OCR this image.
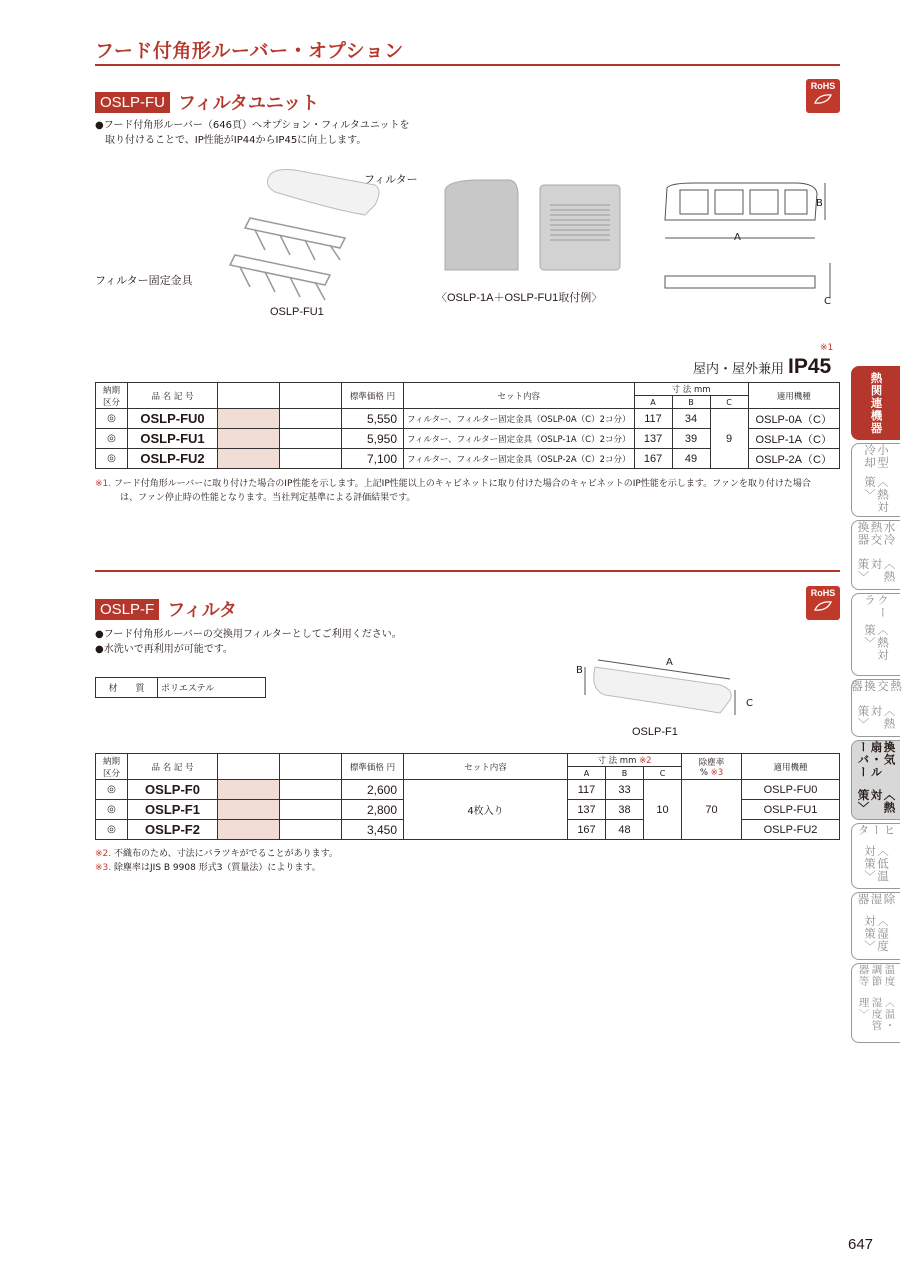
フード付角形ルーバー・オプション
OSLP-FU フィルタユニット
RoHS
●フード付角形ルーバー（646頁）へオプション・フィルタユニットを
取り付けることで、IP性能がIP44からIP45に向上します。
フィルター
フィルター固定金具
OSLP-FU1
〈OSLP-1A＋OSLP-FU1取付例〉
A
B
C
※1
屋内・屋外兼用 IP45
納期
区分	品 名 記 号			標準価格 円	セット内容	寸 法 mm			適用機種
						A	B	C	
◎	OSLP-FU0			5,550	フィルター、フィルター固定金具（OSLP-0A（C）2コ分）	117	34	9	OSLP-0A（C）
◎	OSLP-FU1			5,950	フィルター、フィルター固定金具（OSLP-1A（C）2コ分）	137	39		OSLP-1A（C）
◎	OSLP-FU2			7,100	フィルター、フィルター固定金具（OSLP-2A（C）2コ分）	167	49		OSLP-2A（C）
※1. フード付角形ルーバーに取り付けた場合のIP性能を示します。上記IP性能以上のキャビネットに取り付けた場合のキャビネットのIP性能を示します。ファンを取り付けた場合
は、ファン停止時の性能となります。当社判定基準による評価結果です。
OSLP-F フィルタ
RoHS
●フード付角形ルーバーの交換用フィルターとしてご利用ください。
●水洗いで再利用が可能です。
材　　質	ポリエステル
A
B
C
OSLP-F1
納期
区分	品 名 記 号			標準価格 円	セット内容	寸 法 mm ※2			除塵率
% ※3	適用機種
						A	B	C		
◎	OSLP-F0			2,600	4枚入り	117	33	10	70	OSLP-FU0
◎	OSLP-F1			2,800		137	38			OSLP-FU1
◎	OSLP-F2			3,450		167	48			OSLP-FU2
※2. 不織布のため、寸法にバラツキがでることがあります。
※3. 除塵率はJIS B 9908 形式3（質量法）によります。
熱関連機器
小型冷却
〈熱対策〉
水冷熱交換器
〈熱対策〉
クーラ
〈熱対策〉
熱交換器
〈熱対策〉
換気扇・ルーバー
〈熱対策〉
ヒータ
〈低温対策〉
除湿器
〈湿度対策〉
温度調節器等
〈温・湿度管理〉
647
